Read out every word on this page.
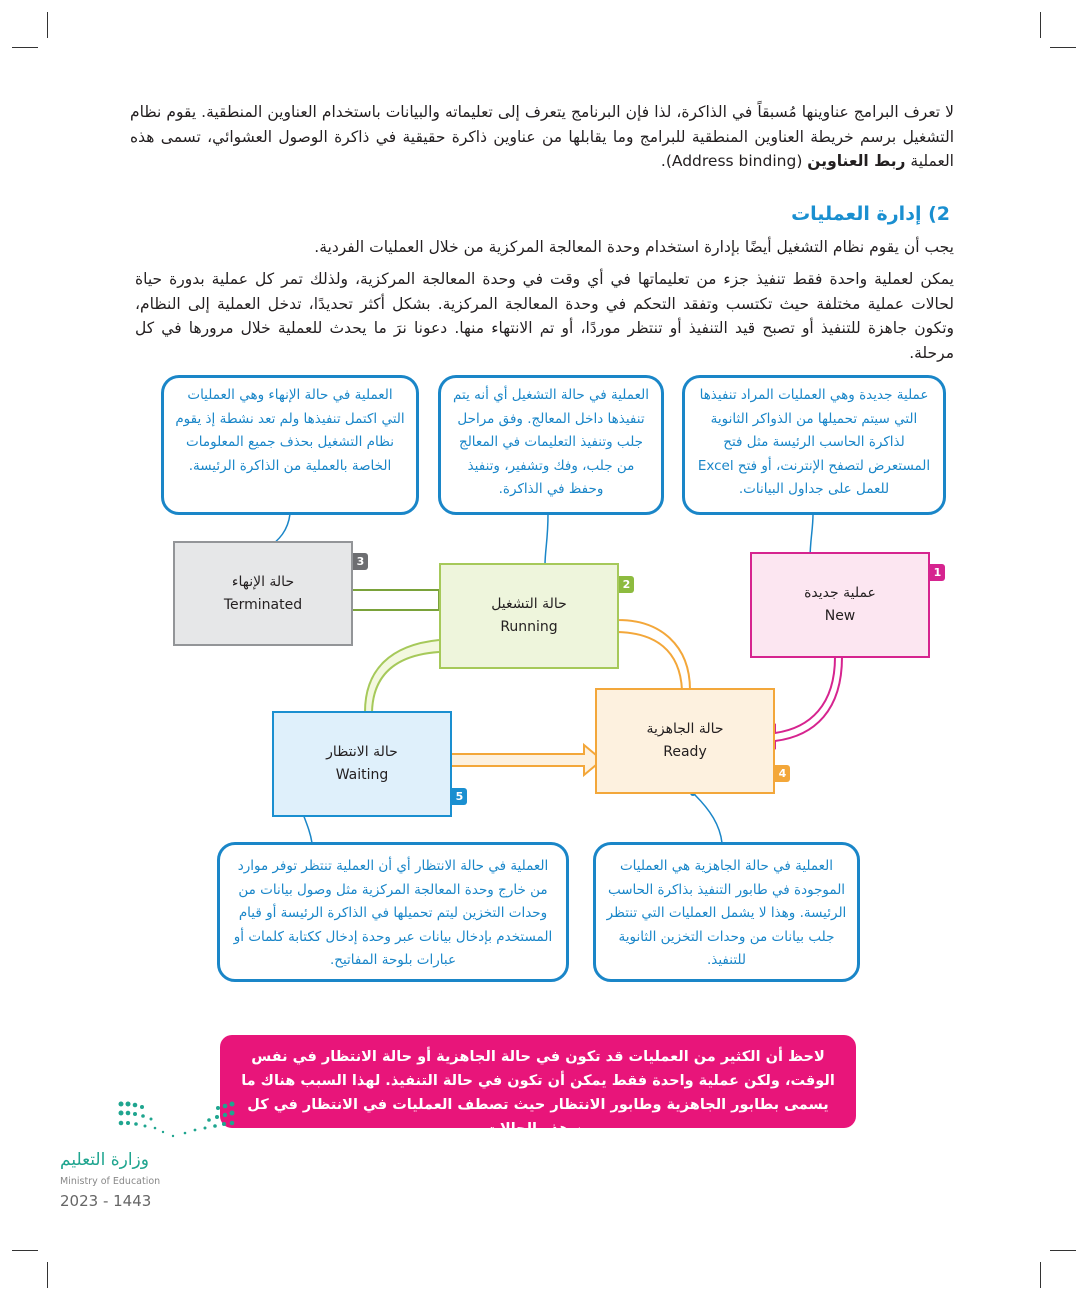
لا تعرف البرامج عناوينها مُسبقاً في الذاكرة، لذا فإن البرنامج يتعرف إلى تعليماته والبيانات باستخدام العناوين المنطقية. يقوم نظام التشغيل برسم خريطة العناوين المنطقية للبرامج وما يقابلها من عناوين ذاكرة حقيقية في ذاكرة الوصول العشوائي، تسمى هذه العملية ربط العناوين (Address binding).
2) إدارة العمليات
يجب أن يقوم نظام التشغيل أيضًا بإدارة استخدام وحدة المعالجة المركزية من خلال العمليات الفردية.
يمكن لعملية واحدة فقط تنفيذ جزء من تعليماتها في أي وقت في وحدة المعالجة المركزية، ولذلك تمر كل عملية بدورة حياة لحالات عملية مختلفة حيث تكتسب وتفقد التحكم في وحدة المعالجة المركزية. بشكل أكثر تحديدًا، تدخل العملية إلى النظام، وتكون جاهزة للتنفيذ أو تصبح قيد التنفيذ أو تنتظر موردًا، أو تم الانتهاء منها. دعونا نرَ ما يحدث للعملية خلال مرورها في كل مرحلة.
العملية في حالة الإنهاء وهي العمليات التي اكتمل تنفيذها ولم تعد نشطة إذ يقوم نظام التشغيل بحذف جميع المعلومات الخاصة بالعملية من الذاكرة الرئيسة.
العملية في حالة التشغيل أي أنه يتم تنفيذها داخل المعالج. وفق مراحل جلب وتنفيذ التعليمات في المعالج من جلب، وفك وتشفير، وتنفيذ وحفظ في الذاكرة.
عملية جديدة وهي العمليات المراد تنفيذها التي سيتم تحميلها من الذواكر الثانوية لذاكرة الحاسب الرئيسة مثل فتح المستعرض لتصفح الإنترنت، أو فتح Excel للعمل على جداول البيانات.
العملية في حالة الانتظار أي أن العملية تنتظر توفر موارد من خارج وحدة المعالجة المركزية مثل وصول بيانات من وحدات التخزين ليتم تحميلها في الذاكرة الرئيسة أو قيام المستخدم بإدخال بيانات عبر وحدة إدخال ككتابة كلمات أو عبارات بلوحة المفاتيح.
العملية في حالة الجاهزية هي العمليات الموجودة في طابور التنفيذ بذاكرة الحاسب الرئيسة. وهذا لا يشمل العمليات التي تنتظر جلب بيانات من وحدات التخزين الثانوية للتنفيذ.
حالة الإنهاء
Terminated
3
حالة التشغيل
Running
2
عملية جديدة
New
1
حالة الجاهزية
Ready
4
حالة الانتظار
Waiting
5
لاحظ أن الكثير من العمليات قد تكون في حالة الجاهزية أو حالة الانتظار في نفس الوقت، ولكن عملية واحدة فقط يمكن أن تكون في حالة التنفيذ. لهذا السبب هناك ما يسمى بطابور الجاهزية وطابور الانتظار حيث تصطف العمليات في الانتظار في كل من هذه الحالات.
وزارة التعليم
Ministry of Education
2023 - 1443
